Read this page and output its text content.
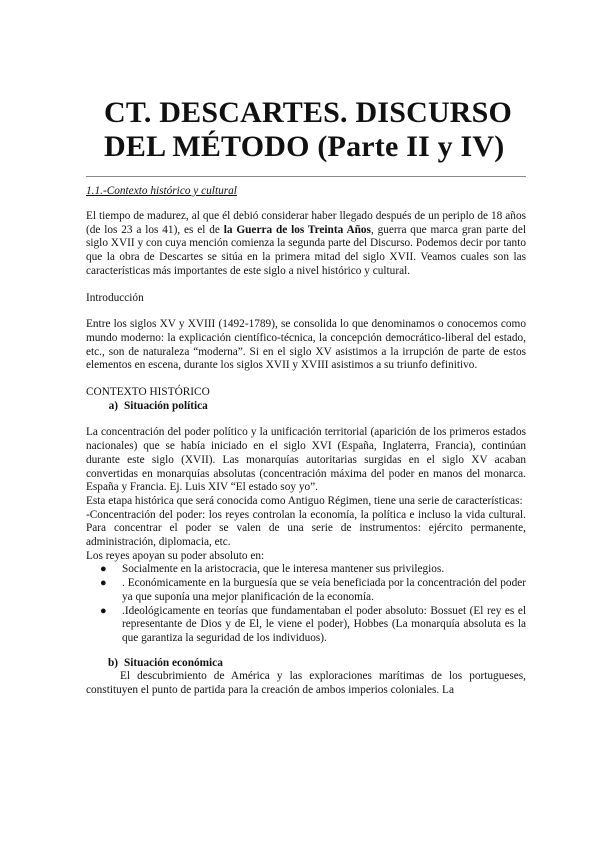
CT. DESCARTES. DISCURSO DEL MÉTODO (Parte II y IV)
1.1.-Contexto histórico y cultural

El tiempo de madurez, al que él debió considerar haber llegado después de un periplo de 18 años (de los 23 a los 41), es el de la Guerra de los Treinta Años, guerra que marca gran parte del siglo XVII y con cuya mención comienza la segunda parte del Discurso. Podemos decir por tanto que la obra de Descartes se sitúa en la primera mitad del siglo XVII. Veamos cuales son las características más importantes de este siglo a nivel histórico y cultural.

Introducción

Entre los siglos XV y XVIII (1492-1789), se consolida lo que denominamos o conocemos como mundo moderno: la explicación científico-técnica, la concepción democrático-liberal del estado, etc., son de naturaleza “moderna”. Si en el siglo XV asistimos a la irrupción de parte de estos elementos en escena, durante los siglos XVII y XVIII asistimos a su triunfo definitivo.

CONTEXTO HISTÓRICO

a) Situación política

La concentración del poder político y la unificación territorial (aparición de los primeros estados nacionales) que se había iniciado en el siglo XVI (España, Inglaterra, Francia), continúan durante este siglo (XVII). Las monarquías autoritarias surgidas en el siglo XV acaban convertidas en monarquías absolutas (concentración máxima del poder en manos del monarca. España y Francia. Ej. Luis XIV “El estado soy yo”.

Esta etapa histórica que será conocida como Antiguo Régimen, tiene una serie de características:

-Concentración del poder: los reyes controlan la economía, la política e incluso la vida cultural. Para concentrar el poder se valen de una serie de instrumentos: ejército permanente, administración, diplomacia, etc.

Los reyes apoyan su poder absoluto en:

● Socialmente en la aristocracia, que le interesa mantener sus privilegios.
● . Económicamente en la burguesía que se veía beneficiada por la concentración del poder ya que suponía una mejor planificación de la economía.
● .Ideológicamente en teorías que fundamentaban el poder absoluto: Bossuet (El rey es el representante de Dios y de El, le viene el poder), Hobbes (La monarquía absoluta es la que garantiza la seguridad de los individuos).
b) Situación económica

El descubrimiento de América y las exploraciones marítimas de los portugueses, constituyen el punto de partida para la creación de ambos imperios coloniales. La
